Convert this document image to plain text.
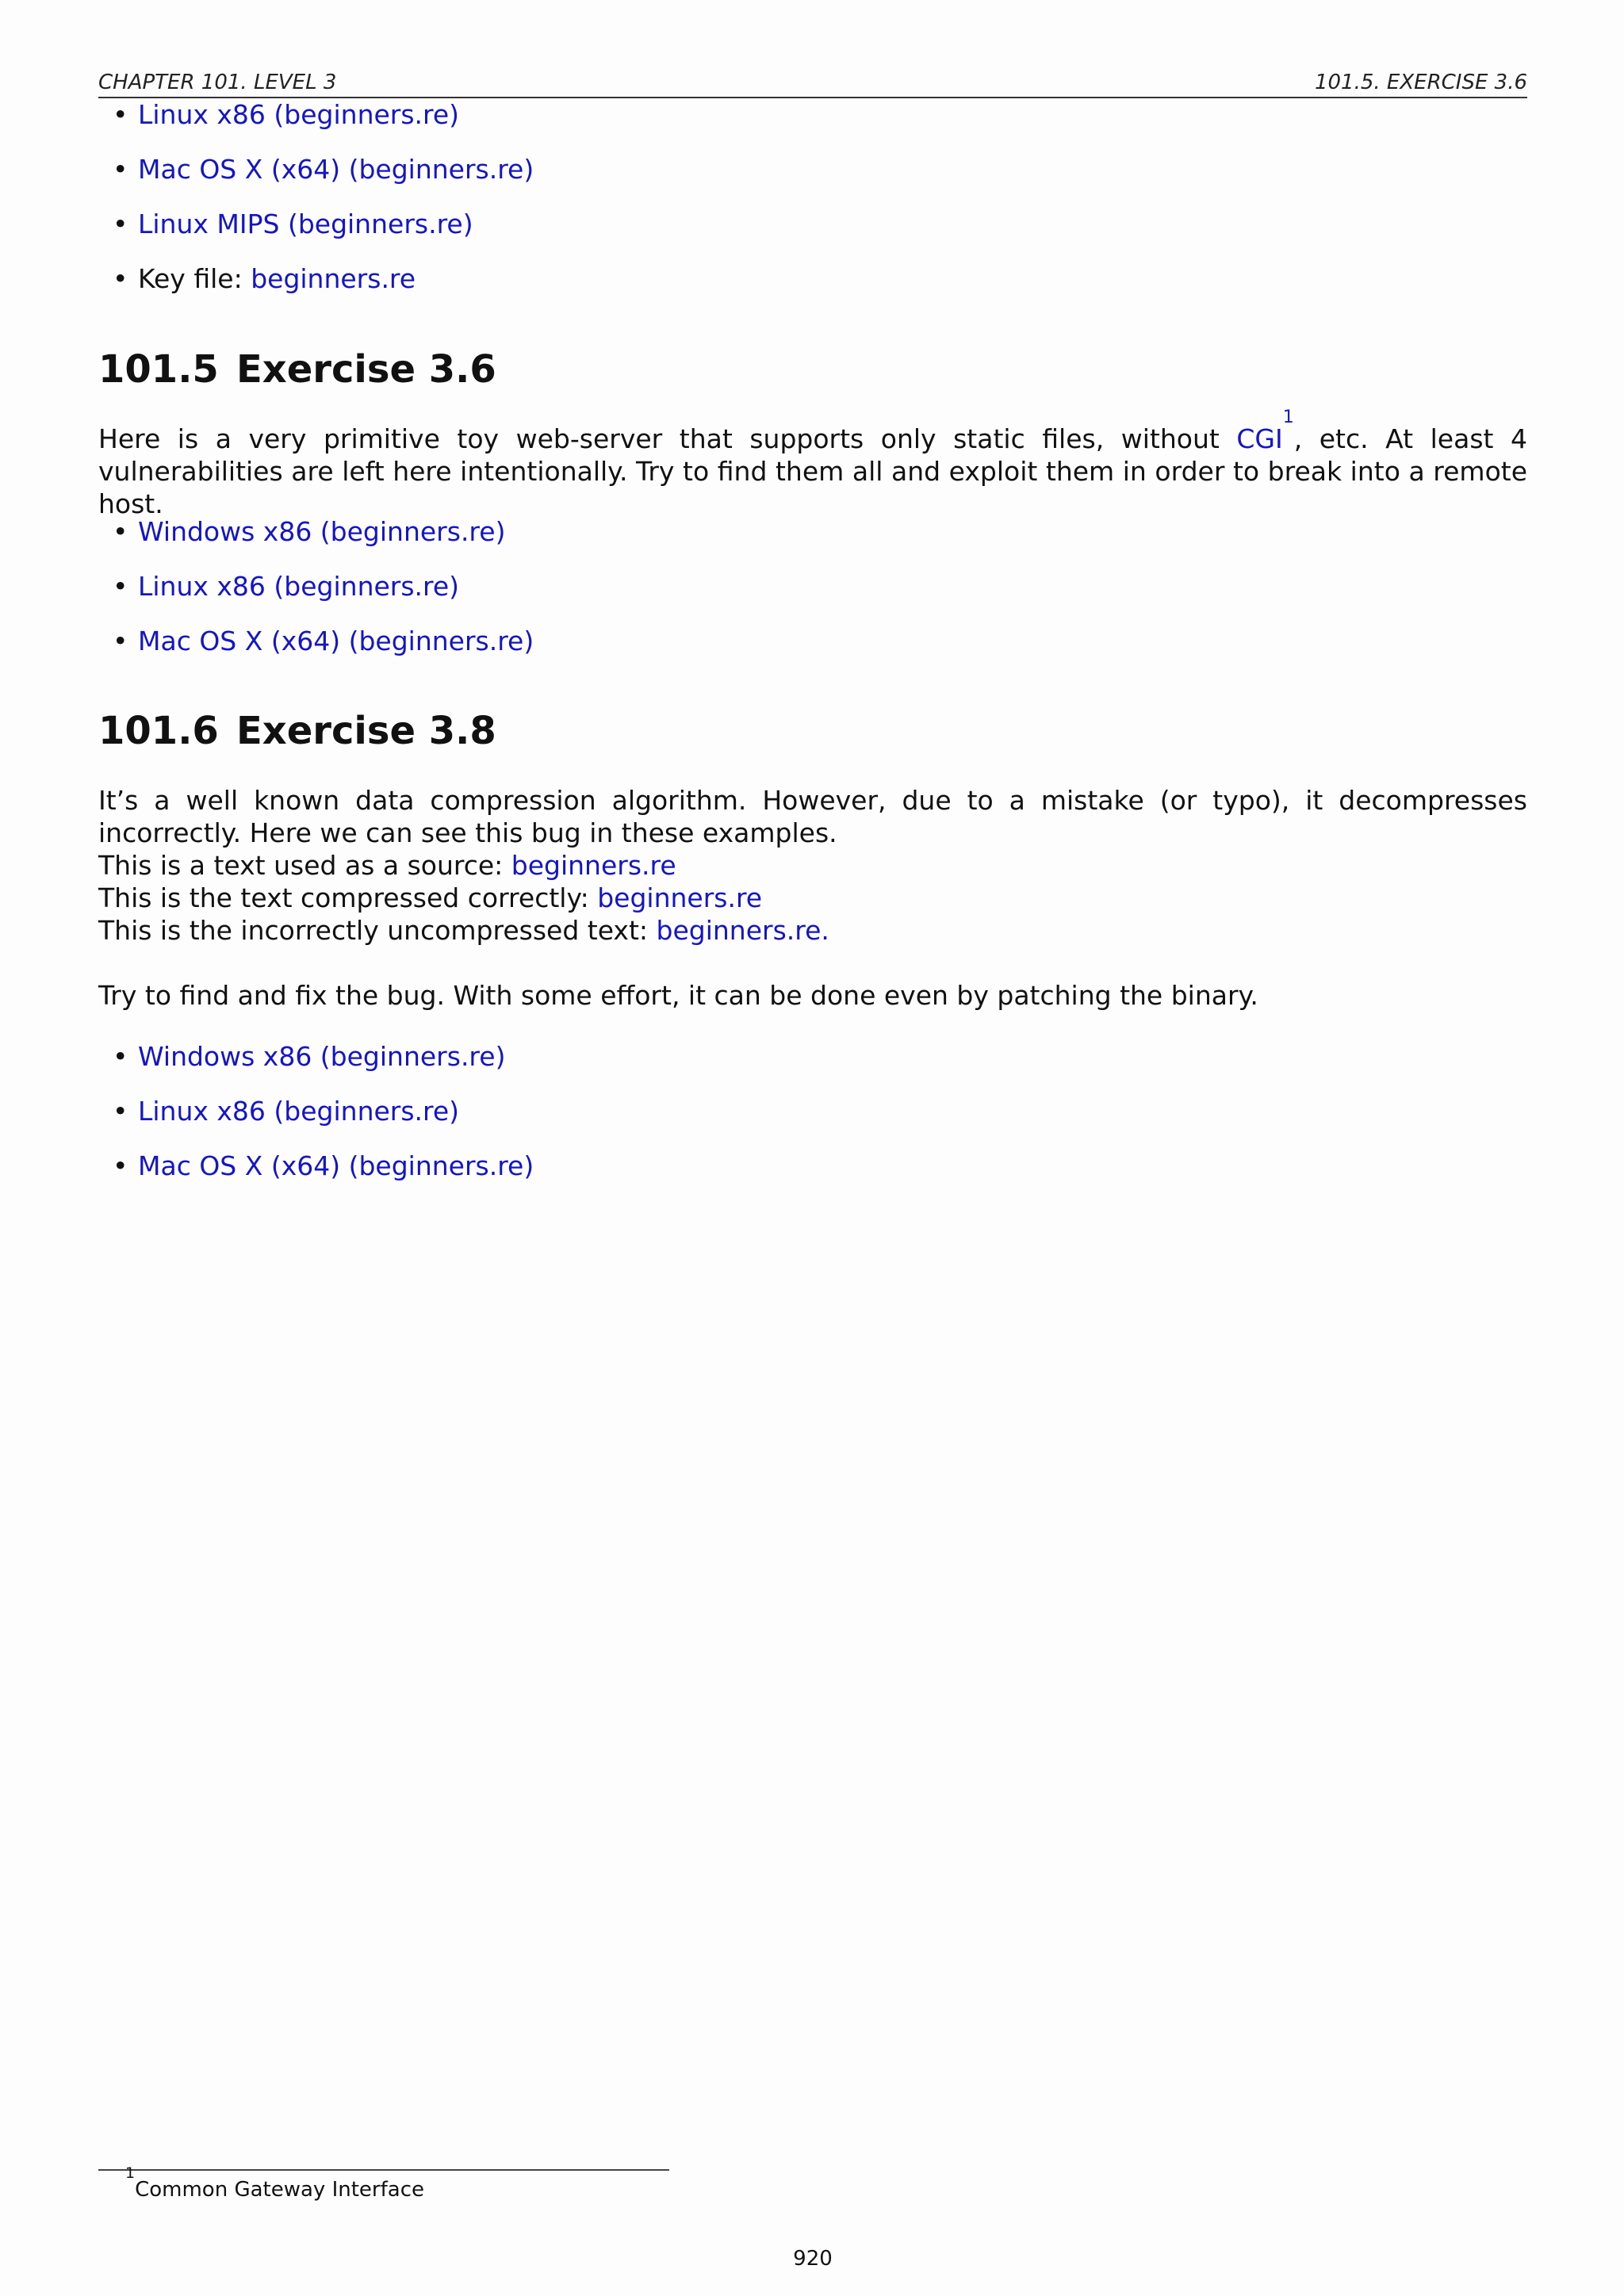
CHAPTER 101. LEVEL 3	101.5. EXERCISE 3.6
• Linux x86 (beginners.re)
• Mac OS X (x64) (beginners.re)
• Linux MIPS (beginners.re)
• Key file: beginners.re
101.5 Exercise 3.6

Here is a very primitive toy web-server that supports only static files, without CGI$^1$, etc. At least 4 vulnerabilities are left here intentionally. Try to find them all and exploit them in order to break into a remote host.

• Windows x86 (beginners.re)
• Linux x86 (beginners.re)
• Mac OS X (x64) (beginners.re)
101.6 Exercise 3.8
It’s a well known data compression algorithm. However, due to a mistake (or typo), it decompresses incorrectly. Here we can see this bug in these examples.
This is a text used as a source: beginners.re
This is the text compressed correctly: beginners.re
This is the incorrectly uncompressed text: beginners.re.
Try to find and fix the bug. With some effort, it can be done even by patching the binary.
• Windows x86 (beginners.re)
• Linux x86 (beginners.re)
• Mac OS X (x64) (beginners.re)
$^1$Common Gateway Interface
920
